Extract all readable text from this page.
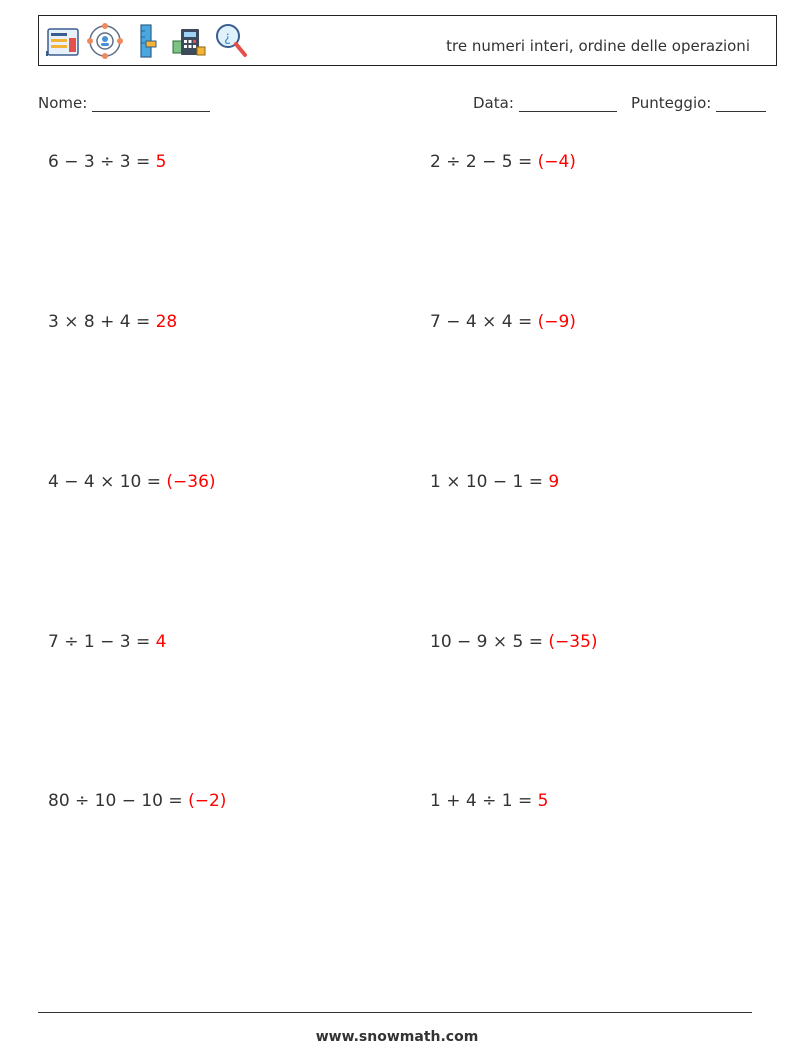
¿	tre numeri interi, ordine delle operazioni
Nome:	Data:	Punteggio:
6 − 3 ÷ 3 = 5	2 ÷ 2 − 5 = (−4)
3 × 8 + 4 = 28	7 − 4 × 4 = (−9)
4 − 4 × 10 = (−36)	1 × 10 − 1 = 9
7 ÷ 1 − 3 = 4	10 − 9 × 5 = (−35)
80 ÷ 10 − 10 = (−2)	1 + 4 ÷ 1 = 5
www.snowmath.com
